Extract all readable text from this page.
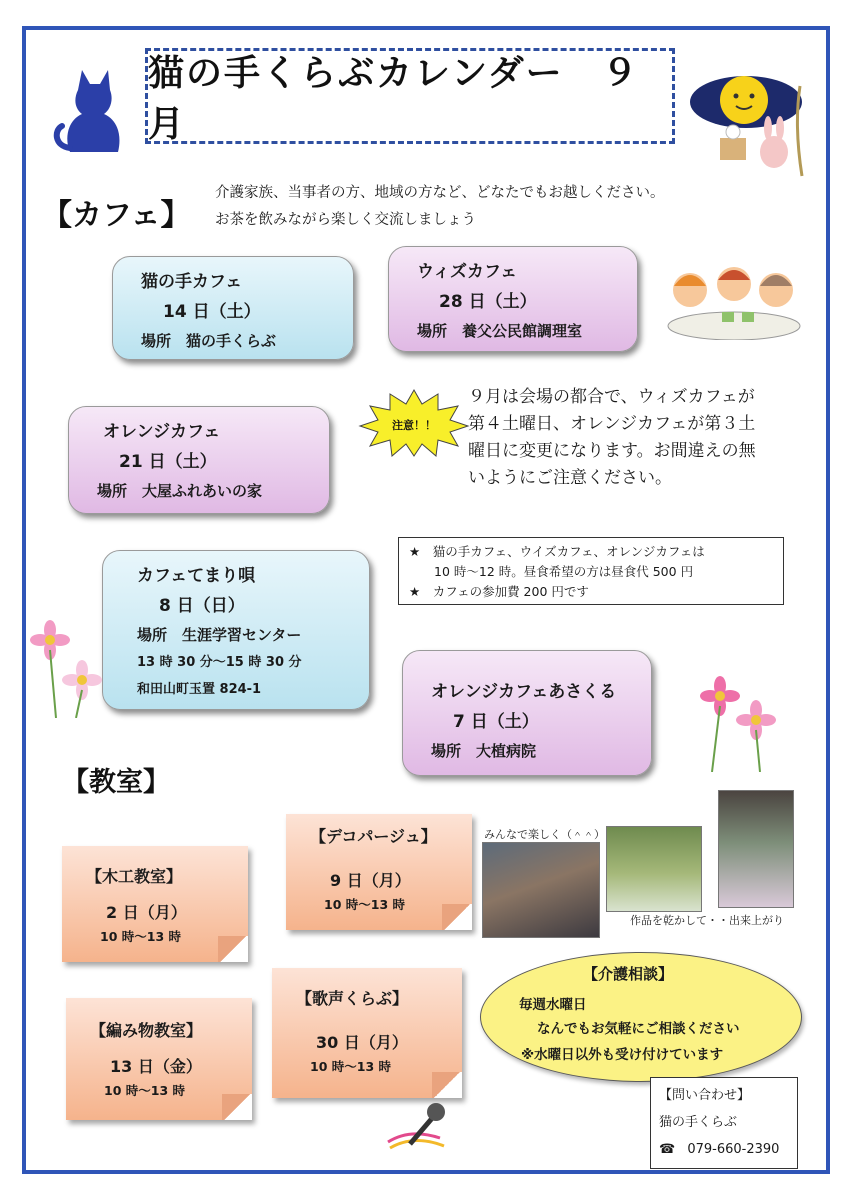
猫の手くらぶカレンダー　９月
【カフェ】
介護家族、当事者の方、地域の方など、どなたでもお越しください。
お茶を飲みながら楽しく交流しましょう
猫の手カフェ
14 日（土）
場所　猫の手くらぶ
ウィズカフェ
28 日（土）
場所　養父公民館調理室
オレンジカフェ
21 日（土）
場所　大屋ふれあいの家
注意！！
９月は会場の都合で、ウィズカフェが
第４土曜日、オレンジカフェが第３土
曜日に変更になります。お間違えの無
いようにご注意ください。
★　猫の手カフェ、ウイズカフェ、オレンジカフェは
　　10 時～12 時。昼食希望の方は昼食代 500 円
★　カフェの参加費 200 円です
カフェてまり唄
8 日（日）
場所　生涯学習センター
13 時 30 分～15 時 30 分
和田山町玉置 824-1	オレンジカフェあさくる
7 日（土）
場所　大植病院
【教室】
【木工教室】
2 日（月）
10 時～13 時
【デコパージュ】
9 日（月）
10 時～13 時
【編み物教室】
13 日（金）
10 時～13 時
【歌声くらぶ】
30 日（月）
10 時～13 時
みんなで楽しく（＾＾）
作品を乾かして・・出来上がり
【介護相談】
毎週水曜日
なんでもお気軽にご相談ください
※水曜日以外も受け付けています
【問い合わせ】
猫の手くらぶ
☎ 079-660-2390
